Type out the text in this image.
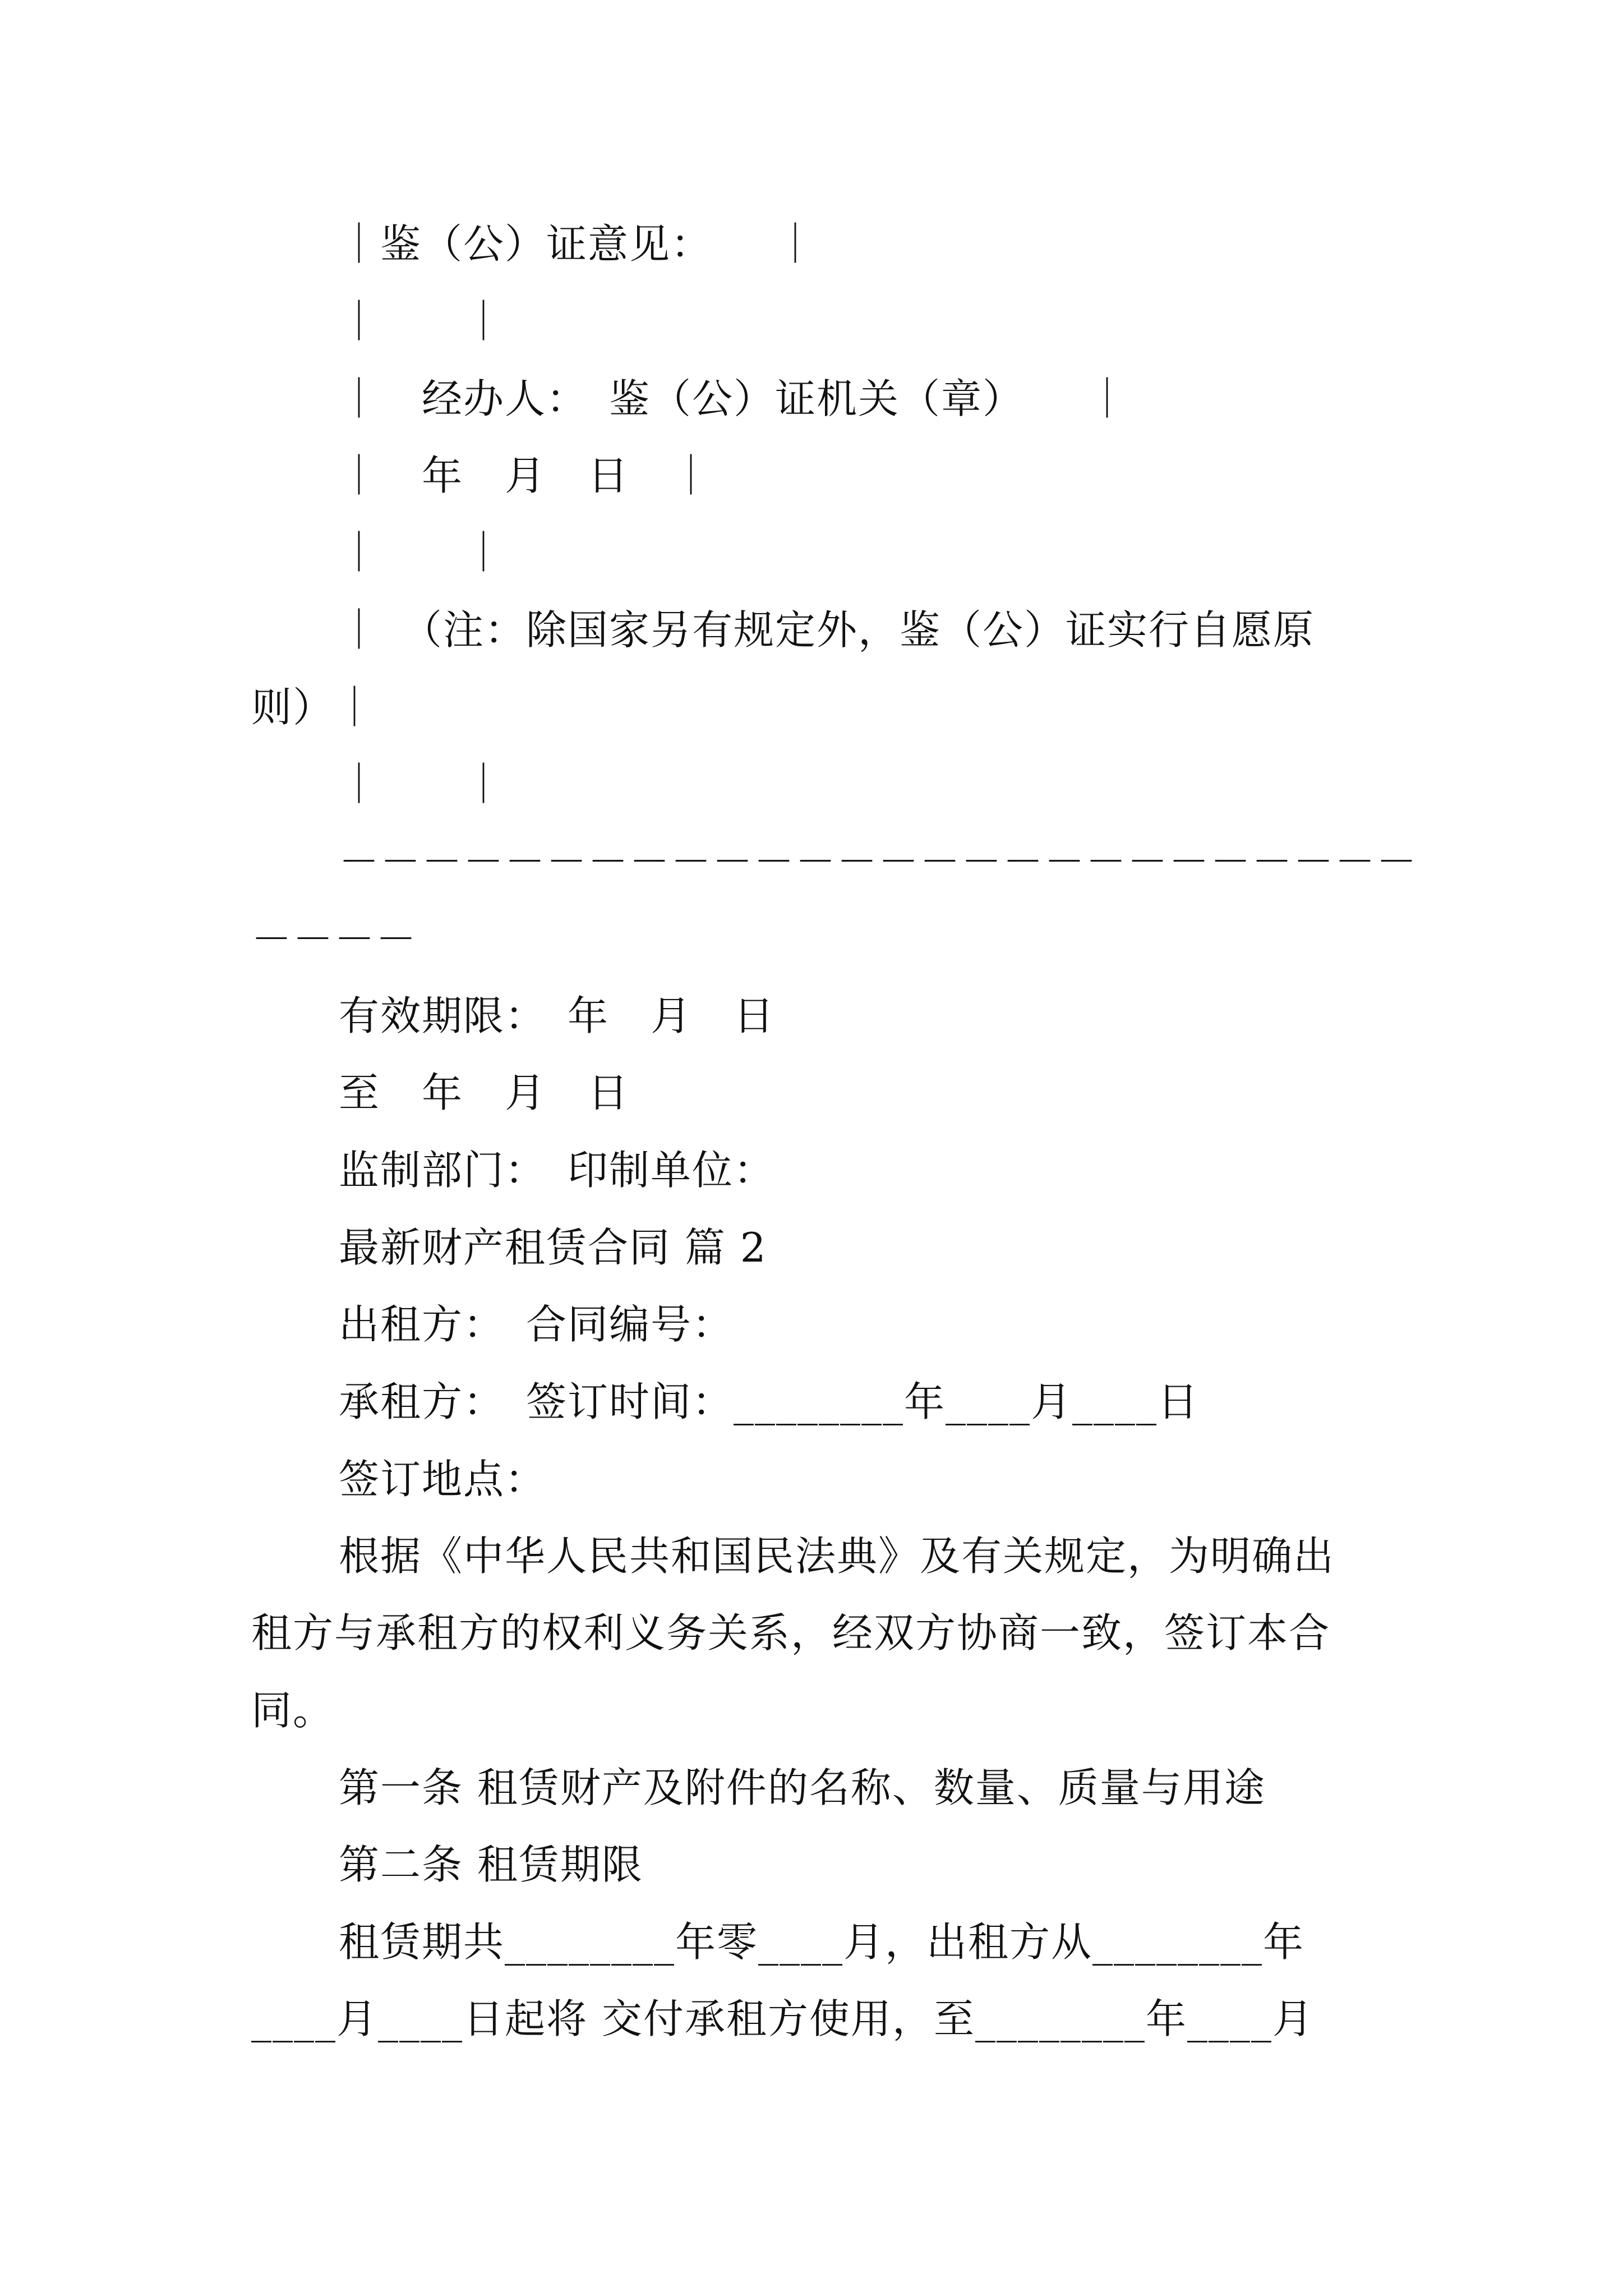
｜鉴（公）证意见：　　｜
｜　　｜
｜　经办人：　鉴（公）证机关（章）　　｜
｜　年　月　日　｜
｜　　｜
｜　（注：除国家另有规定外，鉴（公）证实行自愿原
则）｜
｜　　｜
－－－－－－－－－－－－－－－－－－－－－－－－－－
－－－－
有效期限：　年　月　日
至　年　月　日
监制部门：　印制单位：
最新财产租赁合同 篇 2
出租方：　合同编号：
承租方：　签订时间：________年____月____日
签订地点：
根据《中华人民共和国民法典》及有关规定，为明确出
租方与承租方的权利义务关系，经双方协商一致，签订本合
同。
第一条 租赁财产及附件的名称、数量、质量与用途
第二条 租赁期限
租赁期共________年零____月，出租方从________年
____月____日起将 交付承租方使用，至________年____月
